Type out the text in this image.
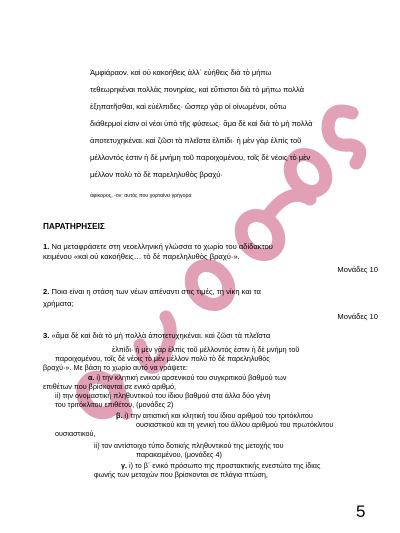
Ἀμφιάραον. καὶ οὐ κακοήθεις ἀλλ᾽ εὐήθεις διὰ τὸ μήπω
τεθεωρηκέναι πολλὰς πονηρίας, καὶ εὔπιστοι διὰ τὸ μήπω πολλὰ
ἐξηπατῆσθαι, καὶ εὐέλπιδες· ὥσπερ γὰρ οἱ οἰνωμένοι, οὕτω
διάθερμοί εἰσιν οἱ νέοι ὑπὸ τῆς φύσεως· ἅμα δὲ καὶ διὰ τὸ μὴ πολλὰ
ἀποτετυχηκέναι. καὶ ζῶσι τὰ πλεῖστα ἐλπίδι· ἡ μὲν γὰρ ἐλπὶς τοῦ
μέλλοντός ἐστιν ἡ δὲ μνήμη τοῦ παροιχομένου, τοῖς δὲ νέοις τὸ μὲν
μέλλον πολὺ τὸ δὲ παρεληλυθὸς βραχύ·
ἀφίκορος, -ον: αυτός που χορταίνει γρήγορα
ΠΑΡΑΤΗΡΗΣΕΙΣ
1. Να μεταφράσετε στη νεοελληνική γλώσσα το χωρίο του αδίδακτου
κειμένου «καὶ οὐ κακοήθεις… τὸ δὲ παρεληλυθὸς βραχύ·».
Μονάδες 10
2. Ποια είναι η στάση των νέων απέναντι στις τιμές, τη νίκη και τα
χρήματα;
Μονάδες 10
3. «ἅμα δὲ καὶ διὰ τὸ μὴ πολλὰ ἀποτετυχηκέναι. καὶ ζῶσι τὰ πλεῖστα
ἐλπίδι· ἡ μὲν γὰρ ἐλπὶς τοῦ μέλλοντός ἐστιν ἡ δὲ μνήμη τοῦ
παροιχομένου, τοῖς δὲ νέοις τὸ μὲν μέλλον πολὺ τὸ δὲ παρεληλυθὸς
βραχύ·». Με βάση το χωρίο αυτό να γράψετε:
α. i) την κλητική ενικού αρσενικού του συγκριτικού βαθμού των
επιθέτων που βρίσκονται σε ενικό αριθμό,
ii) την ονομαστική πληθυντικού του ίδιου βαθμού στα άλλα δύο γένη
του τριτόκλιτου επιθέτου, (μονάδες 2)
β. i) την αιτιατική και κλητική του ίδιου αριθμού του τριτόκλιτου
ουσιαστικού και τη γενική του άλλου αριθμού του πρωτόκλιτου
ουσιαστικού,
ii) τον αντίστοιχο τύπο δοτικής πληθυντικού της μετοχής του
παρακειμένου, (μονάδες 4)
γ. i) το β΄ ενικό πρόσωπο της προστακτικής ενεστώτα της ίδιας
φωνής των μετοχών που βρίσκονται σε πλάγια πτώση,
5
